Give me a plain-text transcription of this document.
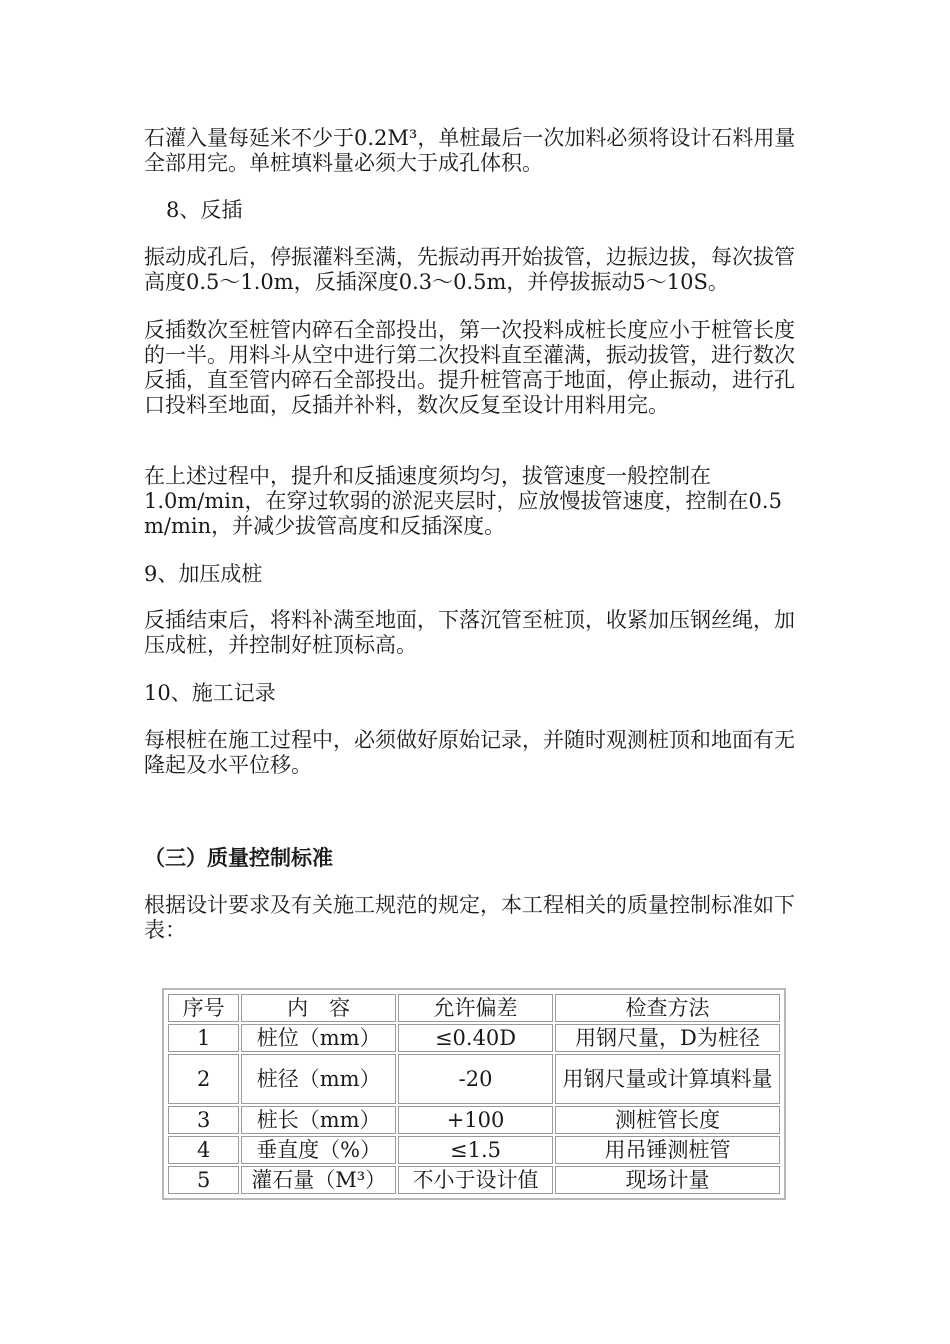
石灌入量每延米不少于0.2M³，单桩最后一次加料必须将设计石料用量全部用完。单桩填料量必须大于成孔体积。

8、反插

振动成孔后，停振灌料至满，先振动再开始拔管，边振边拔，每次拔管高度0.5～1.0m，反插深度0.3～0.5m，并停拔振动5～10S。

反插数次至桩管内碎石全部投出，第一次投料成桩长度应小于桩管长度的一半。用料斗从空中进行第二次投料直至灌满，振动拔管，进行数次反插，直至管内碎石全部投出。提升桩管高于地面，停止振动，进行孔口投料至地面，反插并补料，数次反复至设计用料用完。

在上述过程中，提升和反插速度须均匀，拔管速度一般控制在1.0m/min，在穿过软弱的淤泥夹层时，应放慢拔管速度，控制在0.5 m/min，并减少拔管高度和反插深度。

9、加压成桩

反插结束后，将料补满至地面，下落沉管至桩顶，收紧加压钢丝绳，加压成桩，并控制好桩顶标高。

10、施工记录

每根桩在施工过程中，必须做好原始记录，并随时观测桩顶和地面有无隆起及水平位移。

（三）质量控制标准

根据设计要求及有关施工规范的规定，本工程相关的质量控制标准如下表：

序号	内　容	允许偏差	检查方法
1	桩位（mm）	≤0.40D	用钢尺量，D为桩径
2	桩径（mm）	-20	用钢尺量或计算填料量
3	桩长（mm）	+100	测桩管长度
4	垂直度（%）	≤1.5	用吊锤测桩管
5	灌石量（M³）	不小于设计值	现场计量
